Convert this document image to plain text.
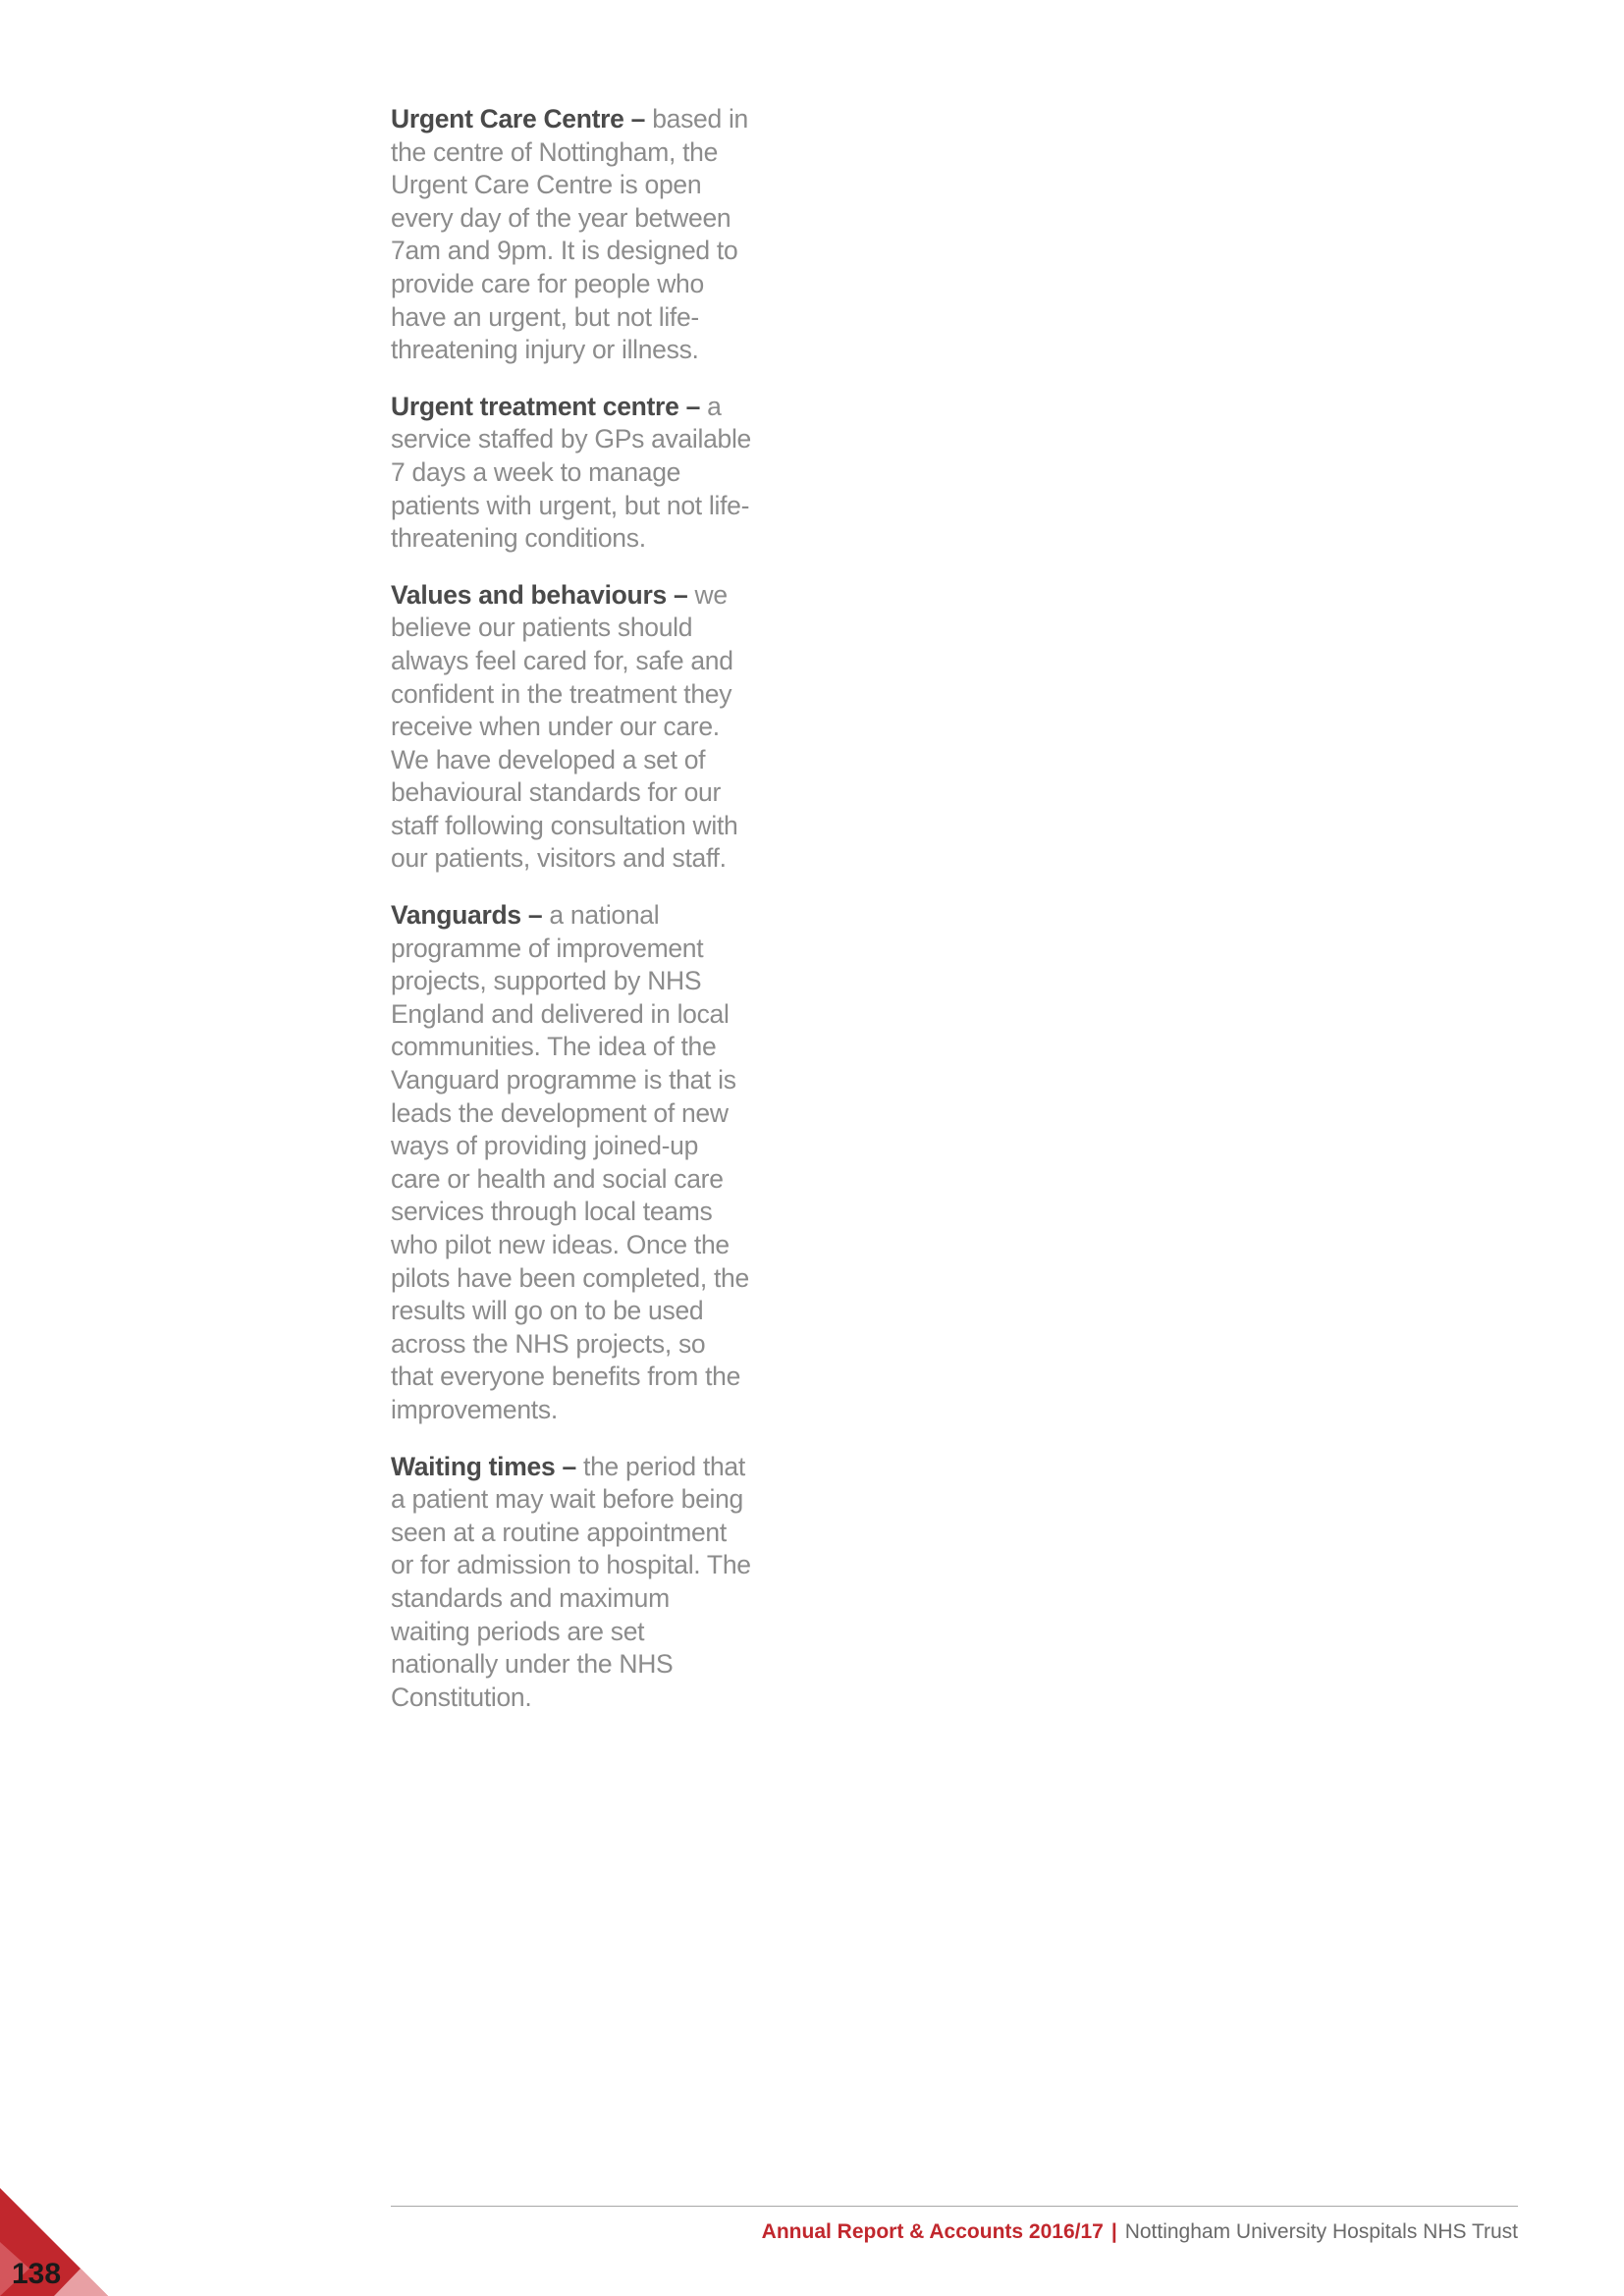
Urgent Care Centre – based in the centre of Nottingham, the Urgent Care Centre is open every day of the year between 7am and 9pm. It is designed to provide care for people who have an urgent, but not life-threatening injury or illness.

Urgent treatment centre – a service staffed by GPs available 7 days a week to manage patients with urgent, but not life-threatening conditions.

Values and behaviours – we believe our patients should always feel cared for, safe and confident in the treatment they receive when under our care. We have developed a set of behavioural standards for our staff following consultation with our patients, visitors and staff.

Vanguards – a national programme of improvement projects, supported by NHS England and delivered in local communities. The idea of the Vanguard programme is that is leads the development of new ways of providing joined-up care or health and social care services through local teams who pilot new ideas. Once the pilots have been completed, the results will go on to be used across the NHS projects, so that everyone benefits from the improvements.

Waiting times – the period that a patient may wait before being seen at a routine appointment or for admission to hospital. The standards and maximum waiting periods are set nationally under the NHS Constitution.

Annual Report & Accounts 2016/17 | Nottingham University Hospitals NHS Trust
138
